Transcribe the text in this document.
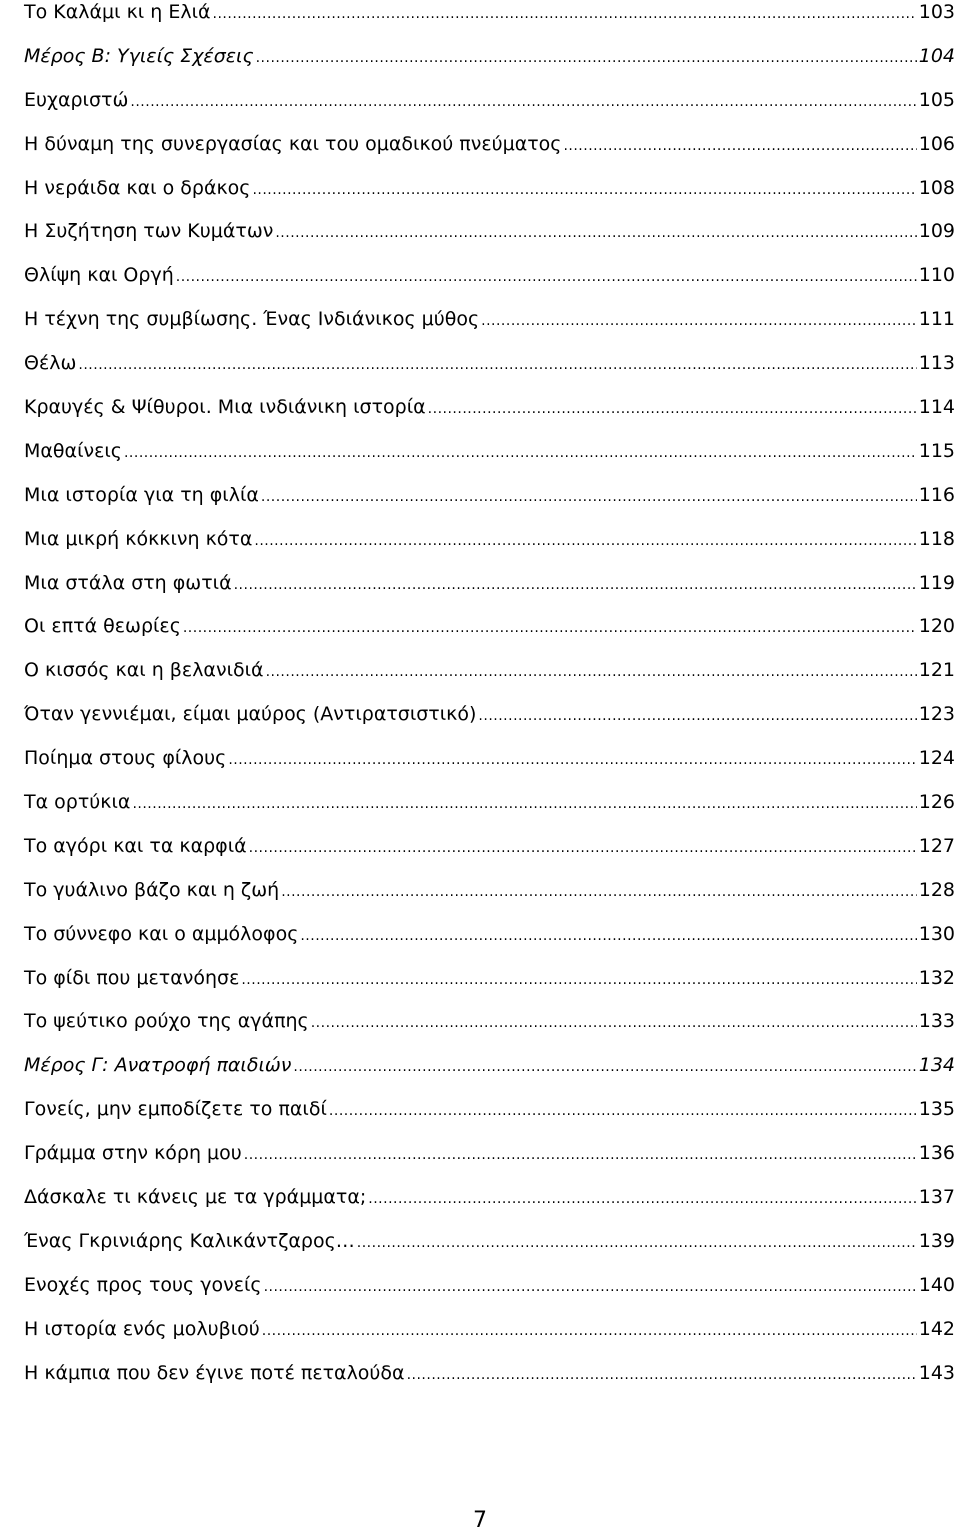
Το Καλάμι κι η Ελιά .....	103
Μέρος Β: Υγιείς Σχέσεις .....	104
Ευχαριστώ .....	105
Η δύναμη της συνεργασίας και του ομαδικού πνεύματος .....	106
Η νεράιδα και ο δράκος .....	108
Η Συζήτηση των Κυμάτων .....	109
Θλίψη και Οργή .....	110
Η τέχνη της συμβίωσης. Ένας Ινδιάνικος μύθος .....	111
Θέλω .....	113
Κραυγές & Ψίθυροι. Μια ινδιάνικη ιστορία .....	114
Μαθαίνεις .....	115
Μια ιστορία για τη φιλία .....	116
Μια μικρή κόκκινη κότα .....	118
Μια στάλα στη φωτιά .....	119
Οι επτά θεωρίες .....	120
Ο κισσός και η βελανιδιά .....	121
Όταν γεννιέμαι, είμαι μαύρος (Αντιρατσιστικό) .....	123
Ποίημα στους φίλους .....	124
Τα ορτύκια .....	126
Το αγόρι και τα καρφιά .....	127
Το γυάλινο βάζο και η ζωή .....	128
Το σύννεφο και ο αμμόλοφος .....	130
Το φίδι που μετανόησε .....	132
Το ψεύτικο ρούχο της αγάπης .....	133
Μέρος Γ: Ανατροφή παιδιών .....	134
Γονείς, μην εμποδίζετε το παιδί .....	135
Γράμμα στην κόρη μου .....	136
Δάσκαλε τι κάνεις με τα γράμματα; .....	137
Ένας Γκρινιάρης Καλικάντζαρος… .....	139
Ενοχές προς τους γονείς .....	140
Η ιστορία ενός μολυβιού .....	142
Η κάμπια που δεν έγινε ποτέ πεταλούδα .....	143
7
